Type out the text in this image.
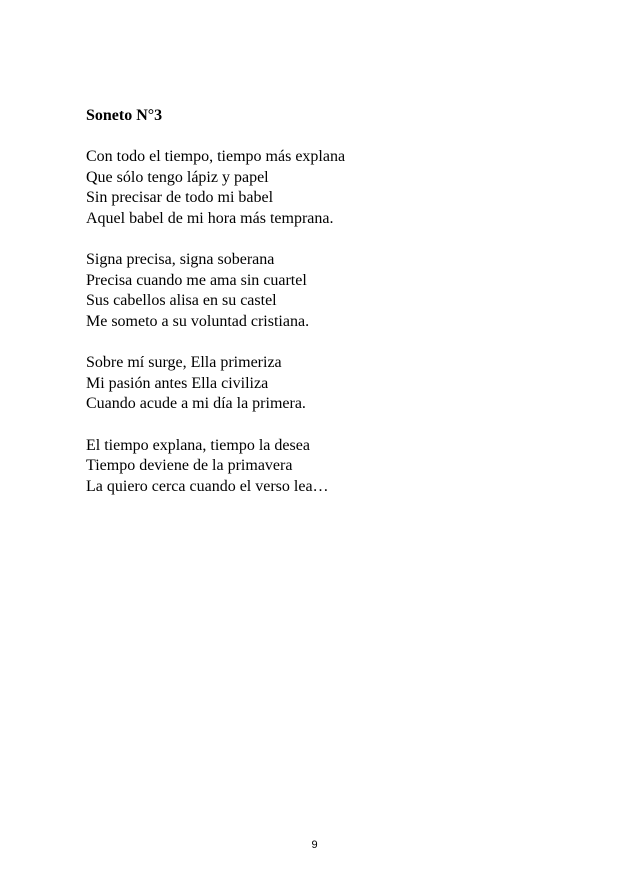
Soneto N°3
Con todo el tiempo, tiempo más explana
Que sólo tengo lápiz y papel
Sin precisar de todo mi babel
Aquel babel de mi hora más temprana.
Signa precisa, signa soberana
Precisa cuando me ama sin cuartel
Sus cabellos alisa en su castel
Me someto a su voluntad cristiana.
Sobre mí surge, Ella primeriza
Mi pasión antes Ella civiliza
Cuando acude a mi día la primera.
El tiempo explana, tiempo la desea
Tiempo deviene de la primavera
La quiero cerca cuando el verso lea…
9
